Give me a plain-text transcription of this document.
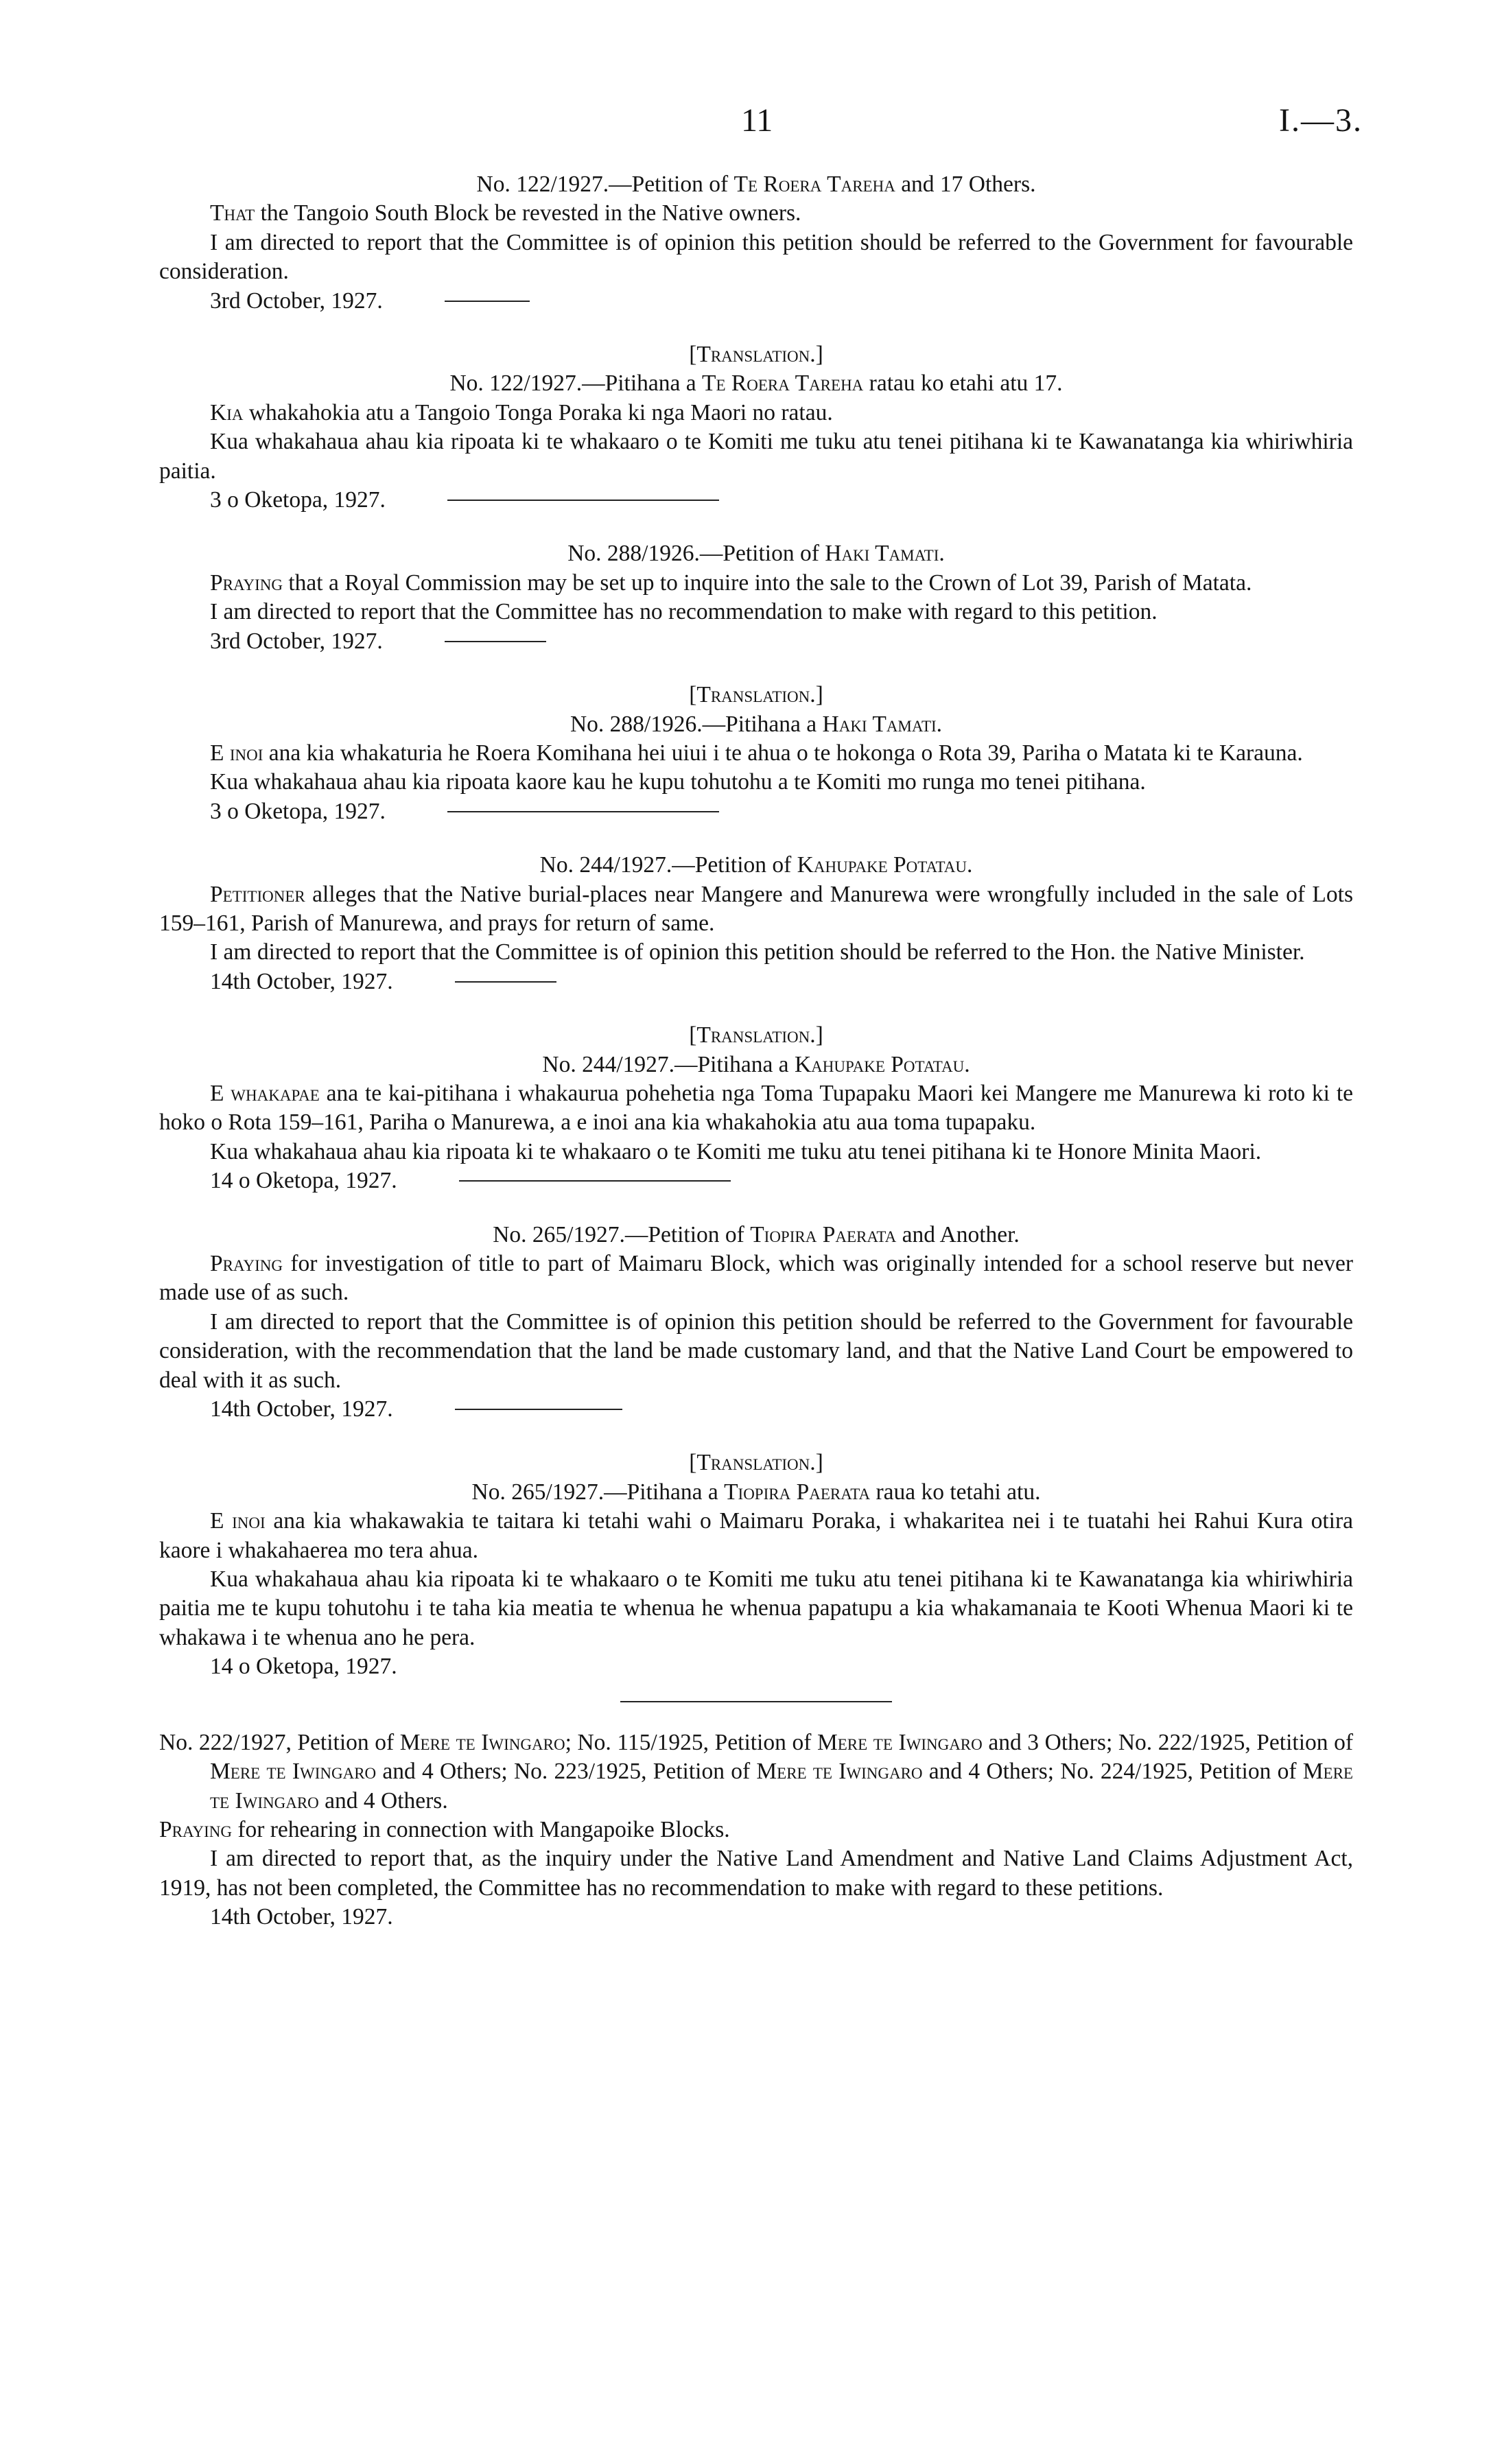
11	I.—3.

No. 122/1927.—Petition of Te Roera Tareha and 17 Others.

That the Tangoio South Block be revested in the Native owners.

I am directed to report that the Committee is of opinion this petition should be referred to the Government for favourable consideration.

3rd October, 1927.

[Translation.]

No. 122/1927.—Pitihana a Te Roera Tareha ratau ko etahi atu 17.

Kia whakahokia atu a Tangoio Tonga Poraka ki nga Maori no ratau.

Kua whakahaua ahau kia ripoata ki te whakaaro o te Komiti me tuku atu tenei pitihana ki te Kawanatanga kia whiriwhiria paitia.

3 o Oketopa, 1927.

No. 288/1926.—Petition of Haki Tamati.

Praying that a Royal Commission may be set up to inquire into the sale to the Crown of Lot 39, Parish of Matata.

I am directed to report that the Committee has no recommendation to make with regard to this petition.

3rd October, 1927.

[Translation.]

No. 288/1926.—Pitihana a Haki Tamati.

E inoi ana kia whakaturia he Roera Komihana hei uiui i te ahua o te hokonga o Rota 39, Pariha o Matata ki te Karauna.

Kua whakahaua ahau kia ripoata kaore kau he kupu tohutohu a te Komiti mo runga mo tenei pitihana.

3 o Oketopa, 1927.

No. 244/1927.—Petition of Kahupake Potatau.

Petitioner alleges that the Native burial-places near Mangere and Manurewa were wrongfully included in the sale of Lots 159–161, Parish of Manurewa, and prays for return of same.

I am directed to report that the Committee is of opinion this petition should be referred to the Hon. the Native Minister.

14th October, 1927.

[Translation.]

No. 244/1927.—Pitihana a Kahupake Potatau.

E whakapae ana te kai-pitihana i whakaurua pohehetia nga Toma Tupapaku Maori kei Mangere me Manurewa ki roto ki te hoko o Rota 159–161, Pariha o Manurewa, a e inoi ana kia whakahokia atu aua toma tupapaku.

Kua whakahaua ahau kia ripoata ki te whakaaro o te Komiti me tuku atu tenei pitihana ki te Honore Minita Maori.

14 o Oketopa, 1927.

No. 265/1927.—Petition of Tiopira Paerata and Another.

Praying for investigation of title to part of Maimaru Block, which was originally intended for a school reserve but never made use of as such.

I am directed to report that the Committee is of opinion this petition should be referred to the Government for favourable consideration, with the recommendation that the land be made customary land, and that the Native Land Court be empowered to deal with it as such.

14th October, 1927.

[Translation.]

No. 265/1927.—Pitihana a Tiopira Paerata raua ko tetahi atu.

E inoi ana kia whakawakia te taitara ki tetahi wahi o Maimaru Poraka, i whakaritea nei i te tuatahi hei Rahui Kura otira kaore i whakahaerea mo tera ahua.

Kua whakahaua ahau kia ripoata ki te whakaaro o te Komiti me tuku atu tenei pitihana ki te Kawanatanga kia whiriwhiria paitia me te kupu tohutohu i te taha kia meatia te whenua he whenua papatupu a kia whakamanaia te Kooti Whenua Maori ki te whakawa i te whenua ano he pera.

14 o Oketopa, 1927.

No. 222/1927, Petition of Mere te Iwingaro; No. 115/1925, Petition of Mere te Iwingaro and 3 Others; No. 222/1925, Petition of Mere te Iwingaro and 4 Others; No. 223/1925, Petition of Mere te Iwingaro and 4 Others; No. 224/1925, Petition of Mere te Iwingaro and 4 Others.

Praying for rehearing in connection with Mangapoike Blocks.

I am directed to report that, as the inquiry under the Native Land Amendment and Native Land Claims Adjustment Act, 1919, has not been completed, the Committee has no recommendation to make with regard to these petitions.

14th October, 1927.
